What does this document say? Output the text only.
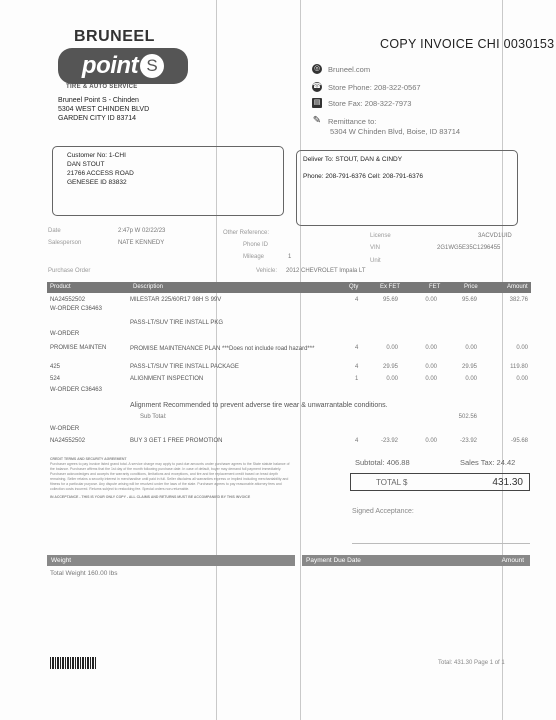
BRUNEEL
point S
TIRE & AUTO SERVICE
Bruneel Point S - Chinden
5304 WEST CHINDEN BLVD
GARDEN CITY ID 83714
COPY INVOICE CHI 0030153
◎ Bruneel.com
☎ Store Phone: 208-322-0567
▤ Store Fax: 208-322-7973
✎ Remittance to:
5304 W Chinden Blvd, Boise, ID 83714
Customer No: 1-CHI
DAN STOUT
21766 ACCESS ROAD
GENESEE ID 83832
Deliver To: STOUT, DAN & CINDY
Phone: 208-791-6376 Cell: 208-791-6376
Date	2:47p W 02/22/23
Salesperson	NATE KENNEDY
Purchase Order
Other Reference:
Phone ID
Mileage	1
Vehicle: 2012 CHEVROLET Impala LT
License	3ACVD1UID
VIN	2G1WG5E35C1296455
Unit
Product	Description	Qty	Ex FET	FET	Price	Amount
NA24552502	MILESTAR 225/60R17 98H S 99V	4	95.69	0.00	95.69	382.76
W-ORDER C36463
PASS-LT/SUV TIRE INSTALL PKG
W-ORDER
PROMISE MAINTEN	PROMISE MAINTENANCE PLAN ***Does not include road hazard***	4	0.00	0.00	0.00	0.00
425	PASS-LT/SUV TIRE INSTALL PACKAGE	4	29.95	0.00	29.95	119.80
524	ALIGNMENT INSPECTION	1	0.00	0.00	0.00	0.00
W-ORDER C36463
Alignment Recommended to prevent adverse tire wear & unwarrantable conditions.
Sub Total:	502.56
W-ORDER
NA24552502	BUY 3 GET 1 FREE PROMOTION	4	-23.92	0.00	-23.92	-95.68
CREDIT TERMS AND SECURITY AGREEMENT
Purchaser agrees to pay invoice listed grand total. A service charge may apply to past due amounts under purchaser agrees to the State statute balance of the balance. Purchaser affirms that the 1st day of the month following purchase date. In case of default, buyer may demand full payment immediately. Purchaser acknowledges and accepts the warranty conditions, limitations and exceptions, and tire and tire replacement credit based on tread depth remaining. Seller retains a security interest in merchandise until paid in full. Seller disclaims all warranties express or implied including merchantability and fitness for a particular purpose. Any dispute arising will be resolved under the laws of the state. Purchaser agrees to pay reasonable attorney fees and collection costs incurred. Returns subject to restocking fee. Special orders non-returnable.
IN ACCEPTANCE - THIS IS YOUR ONLY COPY - ALL CLAIMS AND RETURNS MUST BE ACCOMPANIED BY THIS INVOICE
Subtotal: 406.88	Sales Tax: 24.42
TOTAL $	431.30
Signed Acceptance:
Weight
Total Weight 160.00 lbs
Payment Due Date	Amount
Total: 431.30 Page 1 of 1
